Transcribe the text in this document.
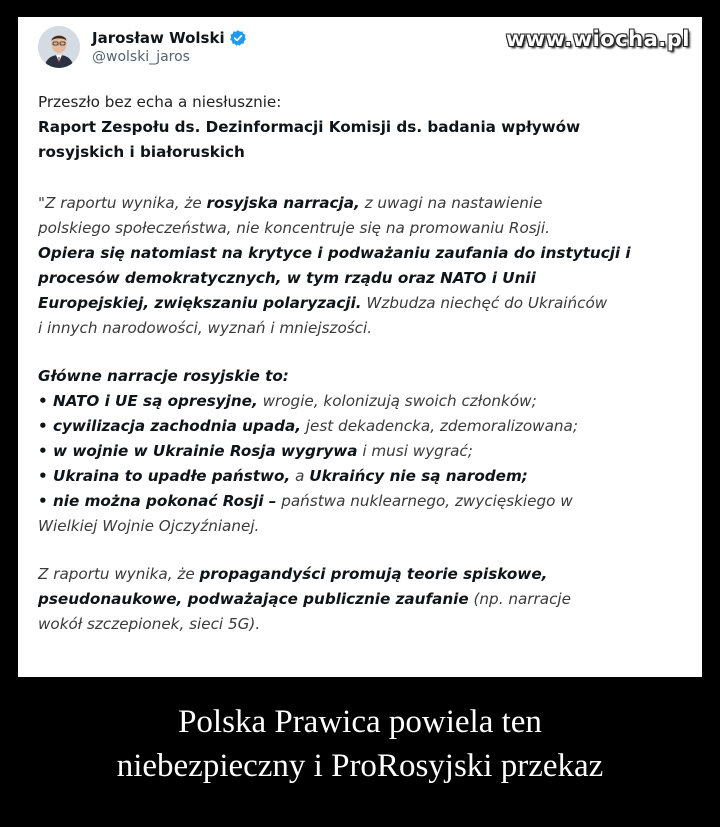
www.wiocha.pl
Jarosław Wolski
@wolski_jaros

Przeszło bez echa a niesłusznie:

Raport Zespołu ds. Dezinformacji Komisji ds. badania wpływów

rosyjskich i białoruskich

"Z raportu wynika, że rosyjska narracja, z uwagi na nastawienie

polskiego społeczeństwa, nie koncentruje się na promowaniu Rosji.

Opiera się natomiast na krytyce i podważaniu zaufania do instytucji i

procesów demokratycznych, w tym rządu oraz NATO i Unii

Europejskiej, zwiększaniu polaryzacji. Wzbudza niechęć do Ukraińców

i innych narodowości, wyznań i mniejszości.

Główne narracje rosyjskie to:

• NATO i UE są opresyjne, wrogie, kolonizują swoich członków;

• cywilizacja zachodnia upada, jest dekadencka, zdemoralizowana;

• w wojnie w Ukrainie Rosja wygrywa i musi wygrać;

• Ukraina to upadłe państwo, a Ukraińcy nie są narodem;

• nie można pokonać Rosji – państwa nuklearnego, zwycięskiego w

Wielkiej Wojnie Ojczyźnianej.

Z raportu wynika, że propagandyści promują teorie spiskowe,

pseudonaukowe, podważające publicznie zaufanie (np. narracje

wokół szczepionek, sieci 5G).

Polska Prawica powiela ten
niebezpieczny i ProRosyjski przekaz
